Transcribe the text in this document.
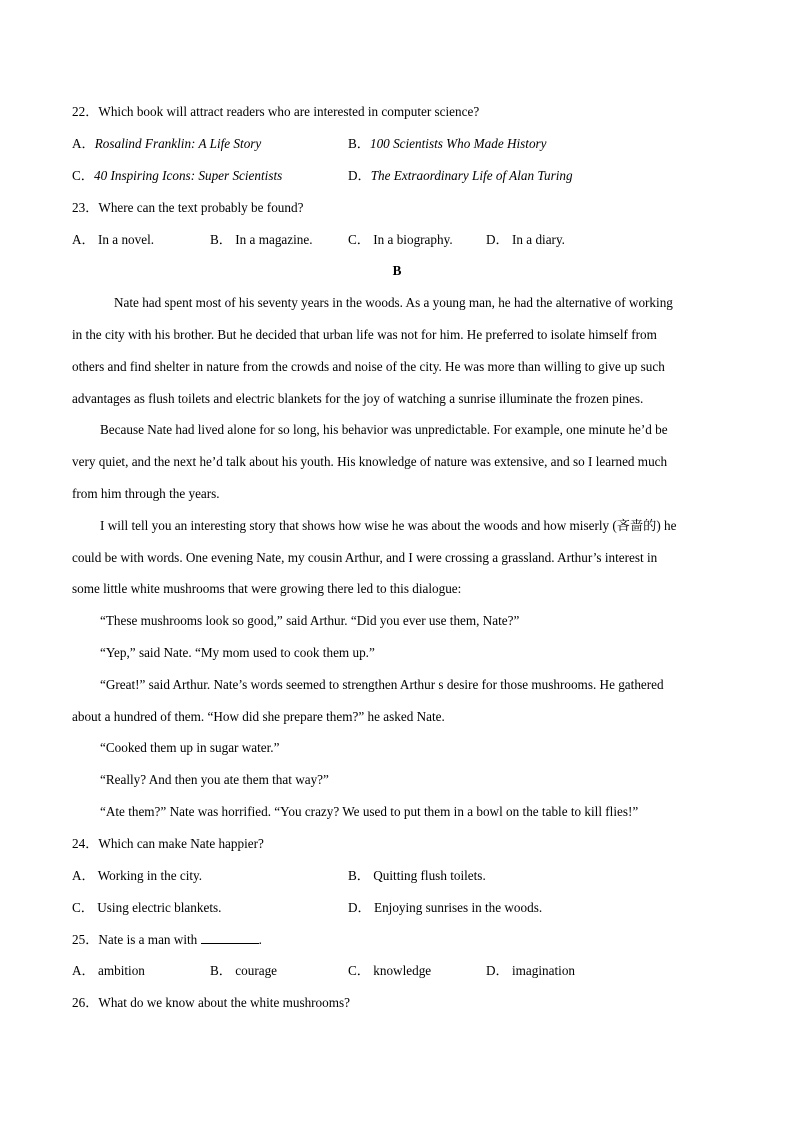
22．Which book will attract readers who are interested in computer science?
A．Rosalind Franklin: A Life Story	B．100 Scientists Who Made History
C．40 Inspiring Icons: Super Scientists	D．The Extraordinary Life of Alan Turing
23．Where can the text probably be found?
A． In a novel.	B． In a magazine.	C． In a biography.	D． In a diary.
B
Nate had spent most of his seventy years in the woods. As a young man, he had the alternative of working
in the city with his brother. But he decided that urban life was not for him. He preferred to isolate himself from
others and find shelter in nature from the crowds and noise of the city. He was more than willing to give up such
advantages as flush toilets and electric blankets for the joy of watching a sunrise illuminate the frozen pines.
Because Nate had lived alone for so long, his behavior was unpredictable. For example, one minute he’d be
very quiet, and the next he’d talk about his youth. His knowledge of nature was extensive, and so I learned much
from him through the years.
I will tell you an interesting story that shows how wise he was about the woods and how miserly (吝啬的) he
could be with words. One evening Nate, my cousin Arthur, and I were crossing a grassland. Arthur’s interest in
some little white mushrooms that were growing there led to this dialogue:
“These mushrooms look so good,” said Arthur. “Did you ever use them, Nate?”
“Yep,” said Nate. “My mom used to cook them up.”
“Great!” said Arthur. Nate’s words seemed to strengthen Arthur s desire for those mushrooms. He gathered
about a hundred of them. “How did she prepare them?” he asked Nate.
“Cooked them up in sugar water.”
“Really? And then you ate them that way?”
“Ate them?” Nate was horrified. “You crazy? We used to put them in a bowl on the table to kill flies!”
24．Which can make Nate happier?
A． Working in the city.	B． Quitting flush toilets.
C． Using electric blankets.	D． Enjoying sunrises in the woods.
25．Nate is a man with	.
A． ambition	B． courage	C． knowledge	D． imagination
26．What do we know about the white mushrooms?
